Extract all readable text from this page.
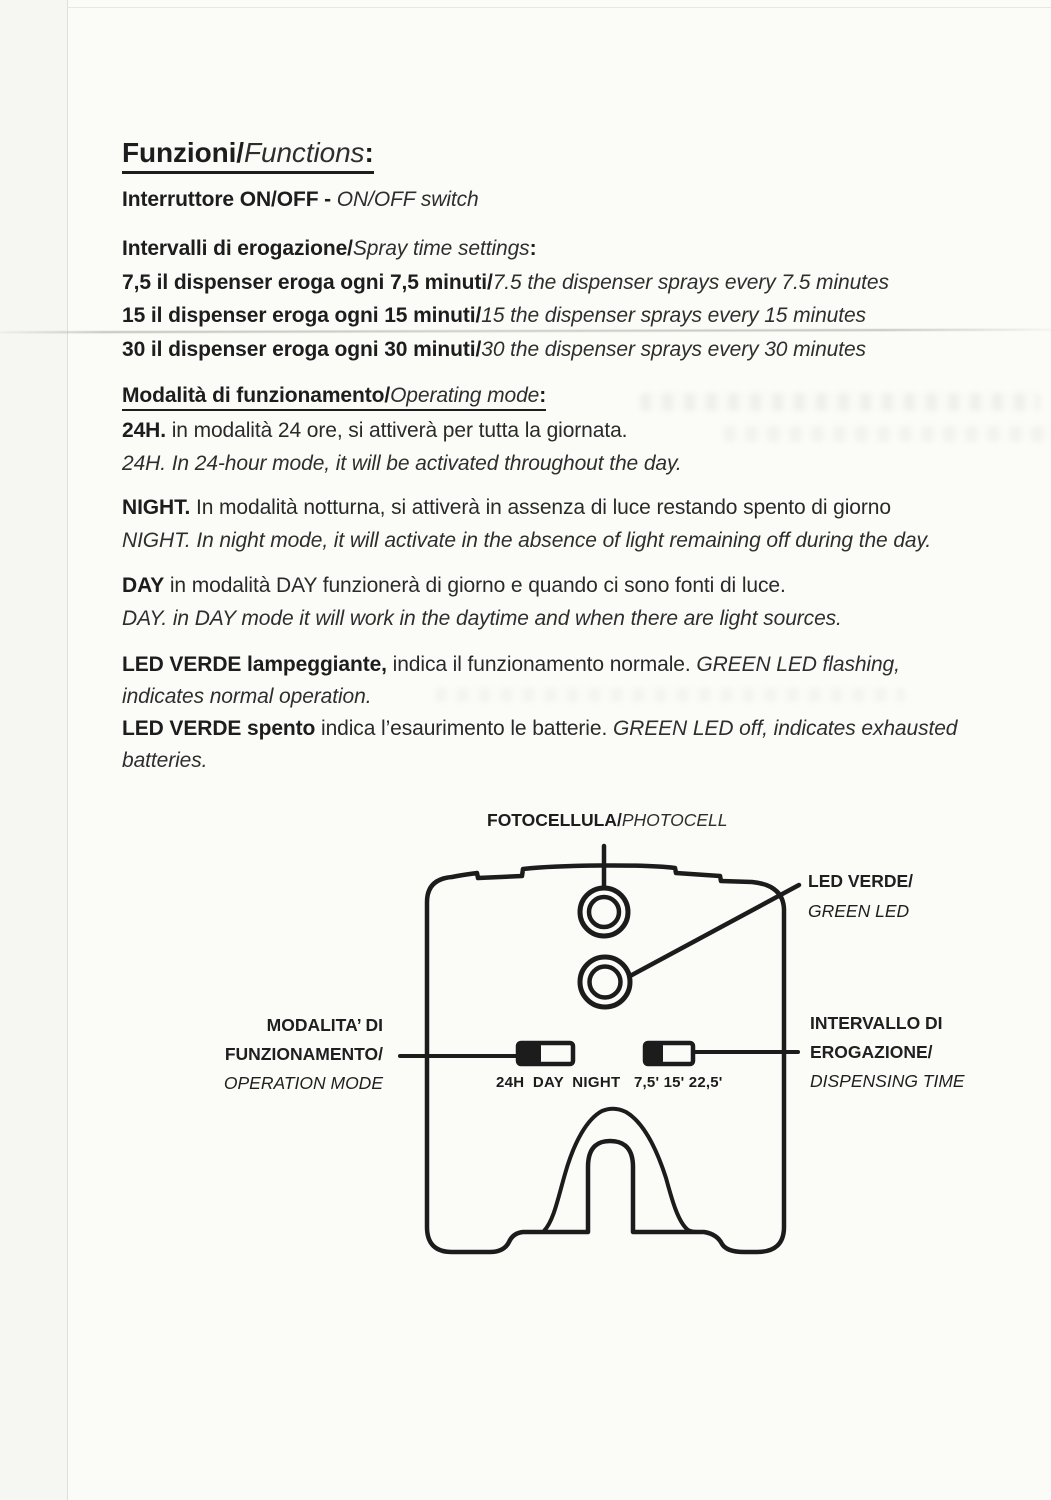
Funzioni/Functions:
Interruttore ON/OFF - ON/OFF switch
Intervalli di erogazione/Spray time settings:
7,5 il dispenser eroga ogni 7,5 minuti/7.5 the dispenser sprays every 7.5 minutes
15 il dispenser eroga ogni 15 minuti/15 the dispenser sprays every 15 minutes
30 il dispenser eroga ogni 30 minuti/30 the dispenser sprays every 30 minutes
Modalità di funzionamento/Operating mode:
24H. in modalità 24 ore, si attiverà per tutta la giornata.
24H. In 24-hour mode, it will be activated throughout the day.
NIGHT. In modalità notturna, si attiverà in assenza di luce restando spento di giorno
NIGHT. In night mode, it will activate in the absence of light remaining off during the day.
DAY in modalità DAY funzionerà di giorno e quando ci sono fonti di luce.
DAY. in DAY mode it will work in the daytime and when there are light sources.
LED VERDE lampeggiante, indica il funzionamento normale. GREEN LED flashing,
indicates normal operation.
LED VERDE spento indica l’esaurimento le batterie. GREEN LED off, indicates exhausted
batteries.
FOTOCELLULA/PHOTOCELL
LED VERDE/
GREEN LED
MODALITA’ DI
FUNZIONAMENTO/
OPERATION MODE
INTERVALLO DI
EROGAZIONE/
DISPENSING TIME
24H DAY NIGHT 7,5' 15' 22,5'
